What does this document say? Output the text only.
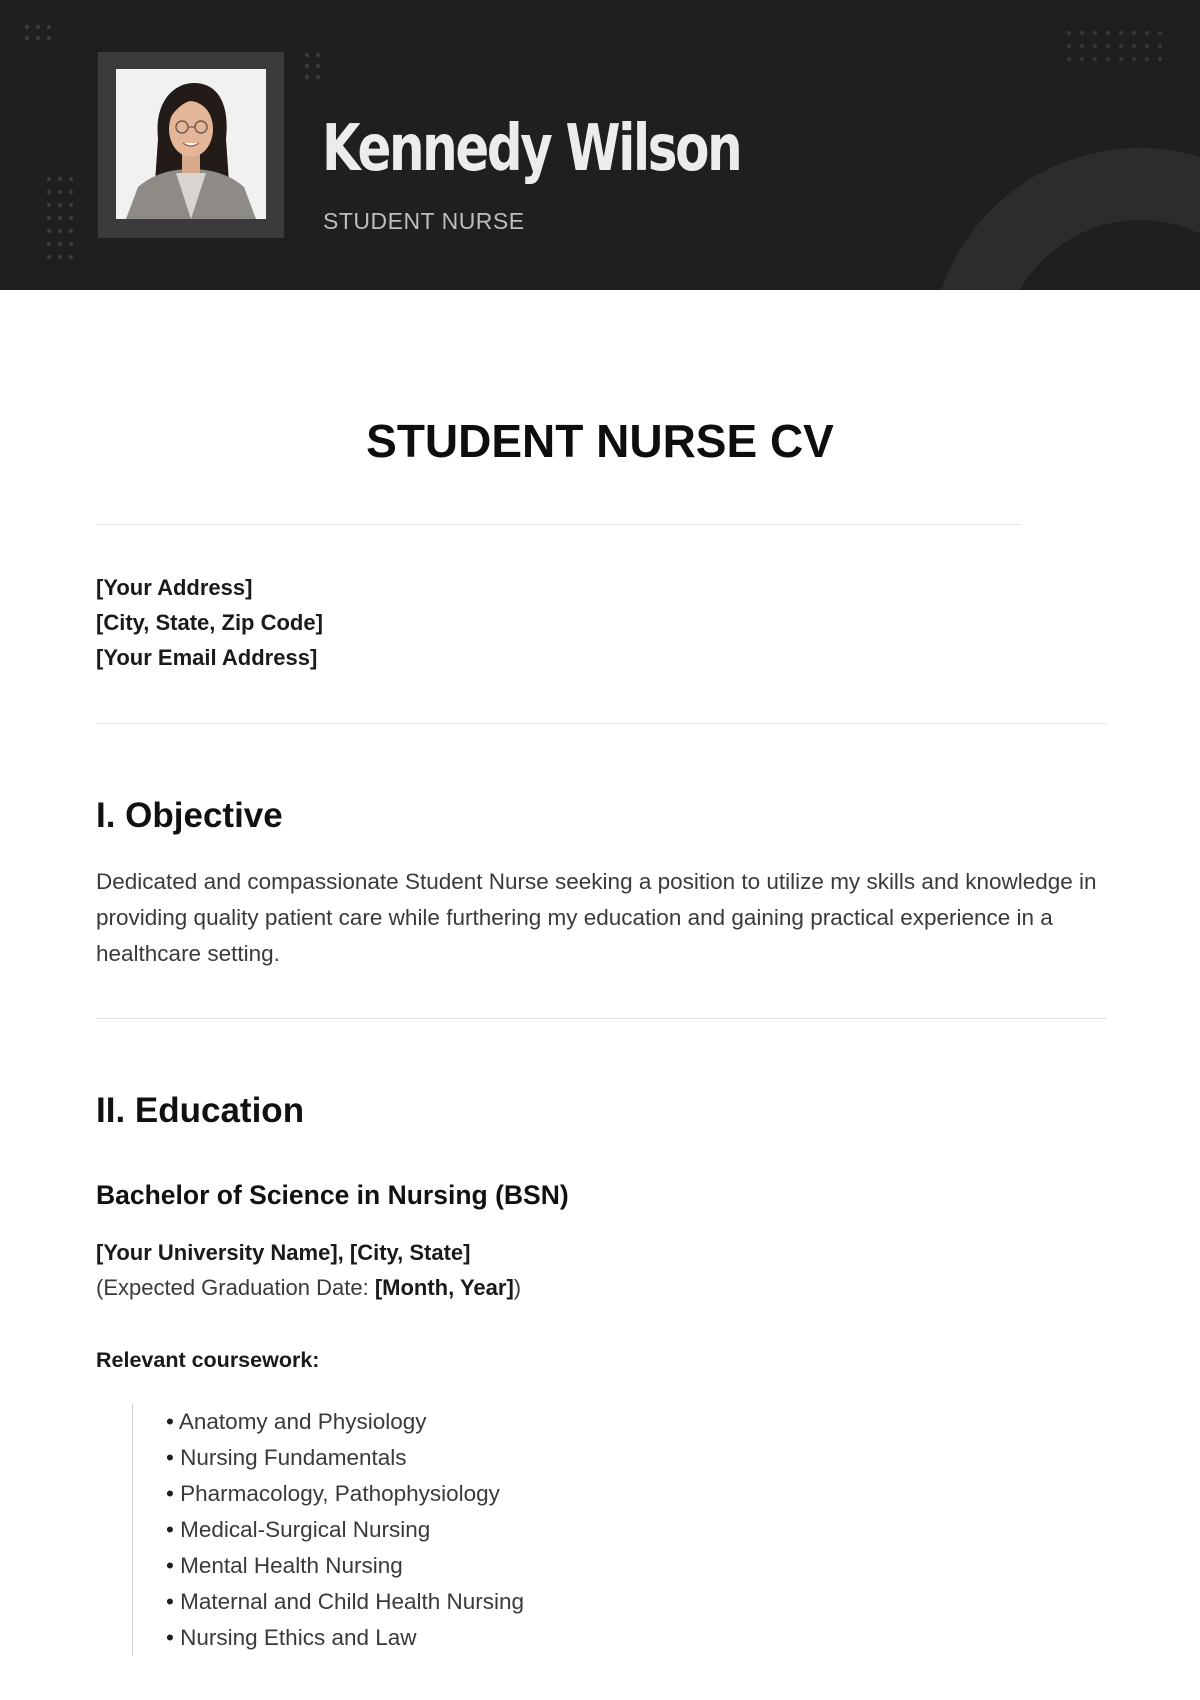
Kennedy Wilson
STUDENT NURSE
STUDENT NURSE CV
[Your Address]
[City, State, Zip Code]
[Your Email Address]
I. Objective

Dedicated and compassionate Student Nurse seeking a position to utilize my skills and knowledge in providing quality patient care while furthering my education and gaining practical experience in a healthcare setting.

II. Education
Bachelor of Science in Nursing (BSN)
[Your University Name], [City, State]
(Expected Graduation Date: [Month, Year])
Relevant coursework:
• Anatomy and Physiology
• Nursing Fundamentals
• Pharmacology, Pathophysiology
• Medical-Surgical Nursing
• Mental Health Nursing
• Maternal and Child Health Nursing
• Nursing Ethics and Law
